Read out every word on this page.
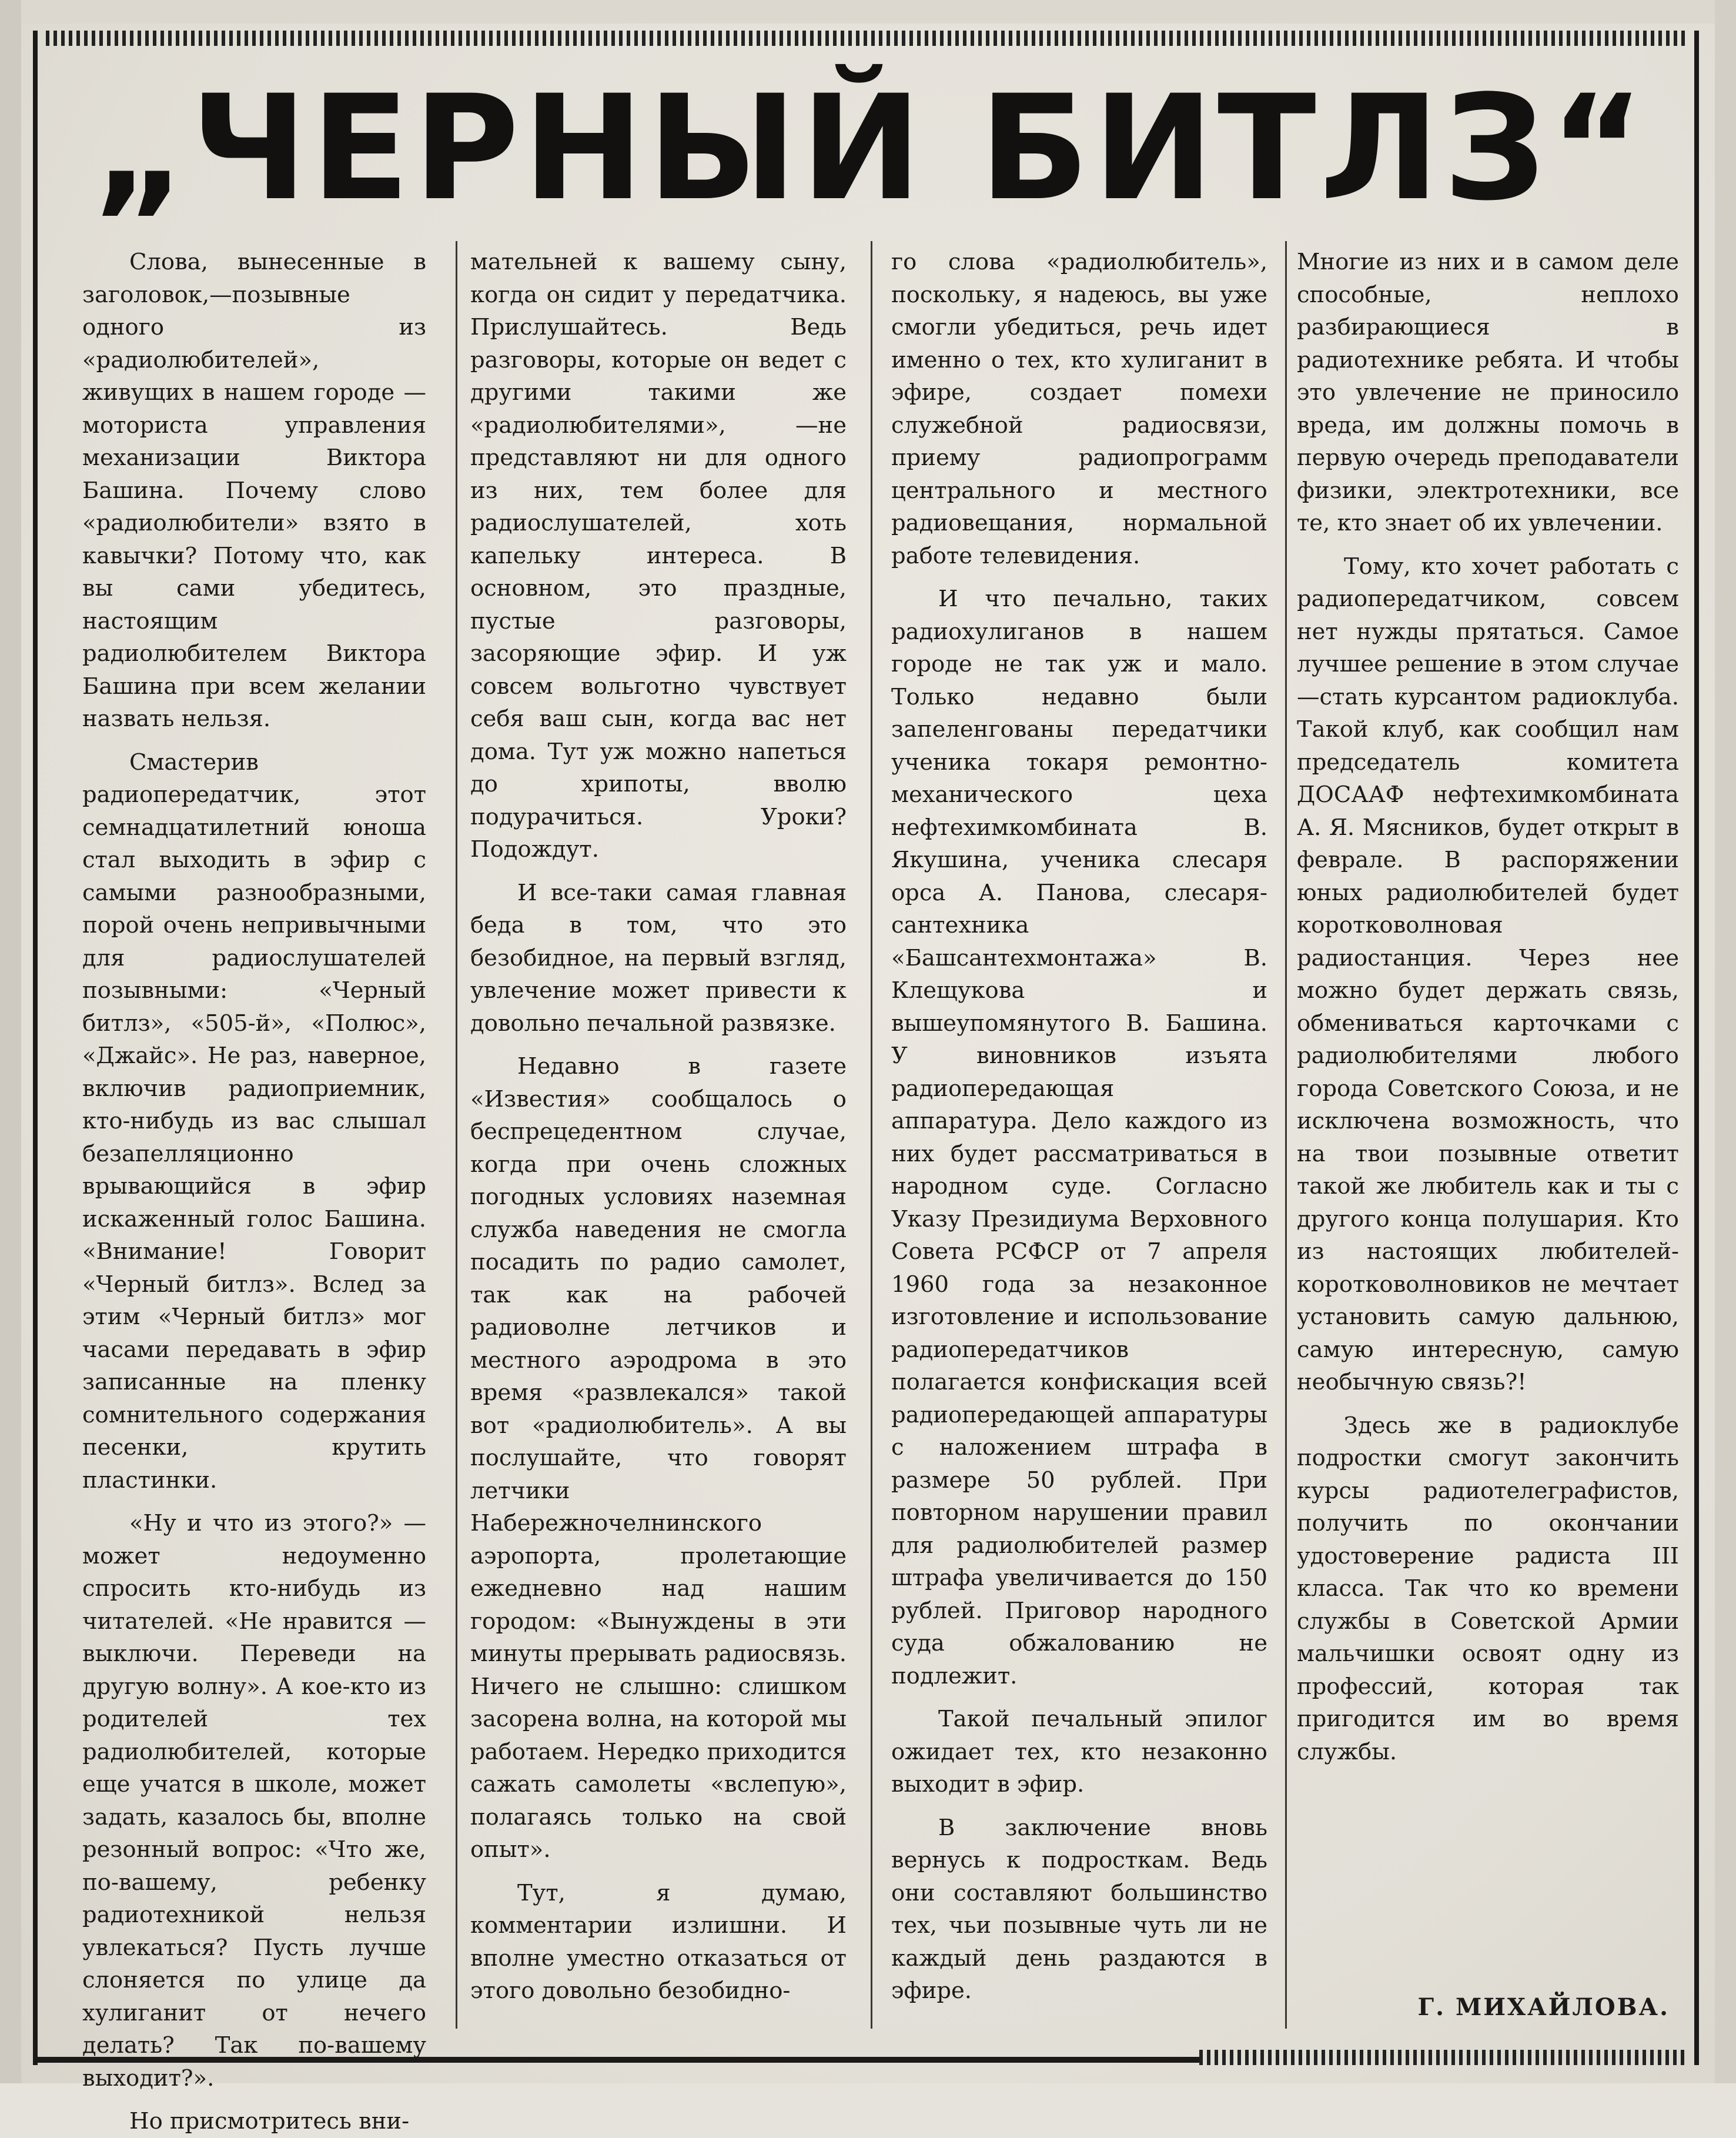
„ЧЕРНЫЙ БИТЛЗ“

Слова, вынесенные в заголовок,—позывные одного из «радиолюбителей», живущих в нашем городе —моториста управления механизации Виктора Башина. Почему слово «радиолюбители» взято в кавычки? Потому что, как вы сами убедитесь, настоящим радиолюбителем Виктора Башина при всем желании назвать нельзя.

Смастерив радиопередатчик, этот семнадцатилетний юноша стал выходить в эфир с самыми разнообразными, порой очень непривычными для радиослушателей позывными: «Черный битлз», «505-й», «Полюс», «Джайс». Не раз, наверное, включив радиоприемник, кто-нибудь из вас слышал безапелляционно врывающийся в эфир искаженный голос Башина. «Внимание! Говорит «Черный битлз». Вслед за этим «Черный битлз» мог часами передавать в эфир записанные на пленку сомнительного содержания песенки, крутить пластинки.

«Ну и что из этого?» —может недоуменно спросить кто-нибудь из читателей. «Не нравится — выключи. Переведи на другую волну». А кое-кто из родителей тех радиолюбителей, которые еще учатся в школе, может задать, казалось бы, вполне резонный вопрос: «Что же, по-вашему, ребенку радиотехникой нельзя увлекаться? Пусть лучше слоняется по улице да хулиганит от нечего делать? Так по-вашему выходит?».

Но присмотритесь вни-

мательней к вашему сыну, когда он сидит у передатчика. Прислушайтесь. Ведь разговоры, которые он ведет с другими такими же «радиолюбителями», —не представляют ни для одного из них, тем более для радиослушателей, хоть капельку интереса. В основном, это праздные, пустые разговоры, засоряющие эфир. И уж совсем вольготно чувствует себя ваш сын, когда вас нет дома. Тут уж можно напеться до хрипоты, вволю подурачиться. Уроки? Подождут.

И все-таки самая главная беда в том, что это безобидное, на первый взгляд, увлечение может привести к довольно печальной развязке.

Недавно в газете «Известия» сообщалось о беспрецедентном случае, когда при очень сложных погодных условиях наземная служба наведения не смогла посадить по радио самолет, так как на рабочей радиоволне летчиков и местного аэродрома в это время «развлекался» такой вот «радиолюбитель». А вы послушайте, что говорят летчики Набережночелнинского аэропорта, пролетающие ежедневно над нашим городом: «Вынуждены в эти минуты прерывать радиосвязь. Ничего не слышно: слишком засорена волна, на которой мы работаем. Нередко приходится сажать самолеты «вслепую», полагаясь только на свой опыт».

Тут, я думаю, комментарии излишни. И вполне уместно отказаться от этого довольно безобидно-

го слова «радиолюбитель», поскольку, я надеюсь, вы уже смогли убедиться, речь идет именно о тех, кто хулиганит в эфире, создает помехи служебной радиосвязи, приему радиопрограмм центрального и местного радиовещания, нормальной работе телевидения.

И что печально, таких радиохулиганов в нашем городе не так уж и мало. Только недавно были запеленгованы передатчики ученика токаря ремонтно-механического цеха нефтехимкомбината В. Якушина, ученика слесаря орса А. Панова, слесаря-сантехника «Башсантехмонтажа» В. Клещукова и вышеупомянутого В. Башина. У виновников изъята радиопередающая аппаратура. Дело каждого из них будет рассматриваться в народном суде. Согласно Указу Президиума Верховного Совета РСФСР от 7 апреля 1960 года за незаконное изготовление и использование радиопередатчиков полагается конфискация всей радиопередающей аппаратуры с наложением штрафа в размере 50 рублей. При повторном нарушении правил для радиолюбителей размер штрафа увеличивается до 150 рублей. Приговор народного суда обжалованию не подлежит.

Такой печальный эпилог ожидает тех, кто незаконно выходит в эфир.

В заключение вновь вернусь к подросткам. Ведь они составляют большинство тех, чьи позывные чуть ли не каждый день раздаются в эфире.

Многие из них и в самом деле способные, неплохо разбирающиеся в радиотехнике ребята. И чтобы это увлечение не приносило вреда, им должны помочь в первую очередь преподаватели физики, электротехники, все те, кто знает об их увлечении.

Тому, кто хочет работать с радиопередатчиком, совсем нет нужды прятаться. Самое лучшее решение в этом случае—стать курсантом радиоклуба. Такой клуб, как сообщил нам председатель комитета ДОСААФ нефтехимкомбината А. Я. Мясников, будет открыт в феврале. В распоряжении юных радиолюбителей будет коротковолновая радиостанция. Через нее можно будет держать связь, обмениваться карточками с радиолюбителями любого города Советского Союза, и не исключена возможность, что на твои позывные ответит такой же любитель как и ты с другого конца полушария. Кто из настоящих любителей-коротковолновиков не мечтает установить самую дальнюю, самую интересную, самую необычную связь?!

Здесь же в радиоклубе подростки смогут закончить курсы радиотелеграфистов, получить по окончании удостоверение радиста III класса. Так что ко времени службы в Советской Армии мальчишки освоят одну из профессий, которая так пригодится им во время службы.

Г. МИХАЙЛОВА.
